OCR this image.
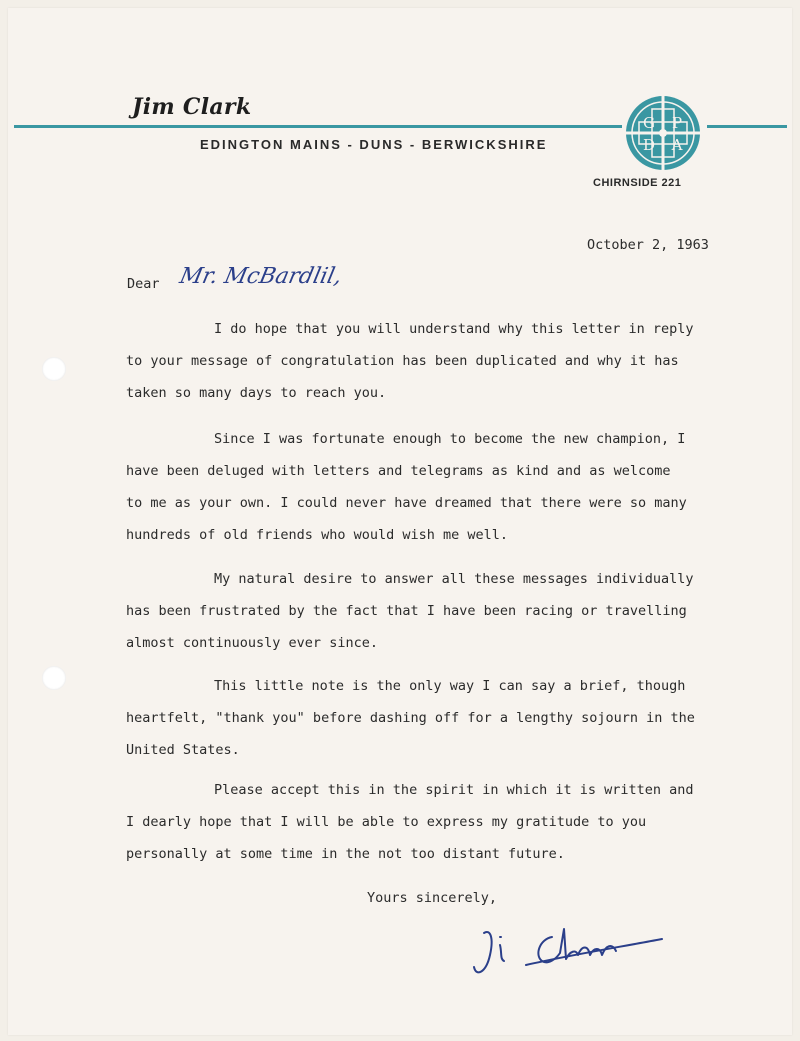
Jim Clark
EDINGTON MAINS - DUNS - BERWICKSHIRE
CHIRNSIDE 221
G P
D A
October 2, 1963
Dear Mr. McBardlil,

I do hope that you will understand why this letter in reply

to your message of congratulation has been duplicated and why it has

taken so many days to reach you.

Since I was fortunate enough to become the new champion, I

have been deluged with letters and telegrams as kind and as welcome

to me as your own. I could never have dreamed that there were so many

hundreds of old friends who would wish me well.

My natural desire to answer all these messages individually

has been frustrated by the fact that I have been racing or travelling

almost continuously ever since.

This little note is the only way I can say a brief, though

heartfelt, "thank you" before dashing off for a lengthy sojourn in the

United States.

Please accept this in the spirit in which it is written and

I dearly hope that I will be able to express my gratitude to you

personally at some time in the not too distant future.

Yours sincerely,
